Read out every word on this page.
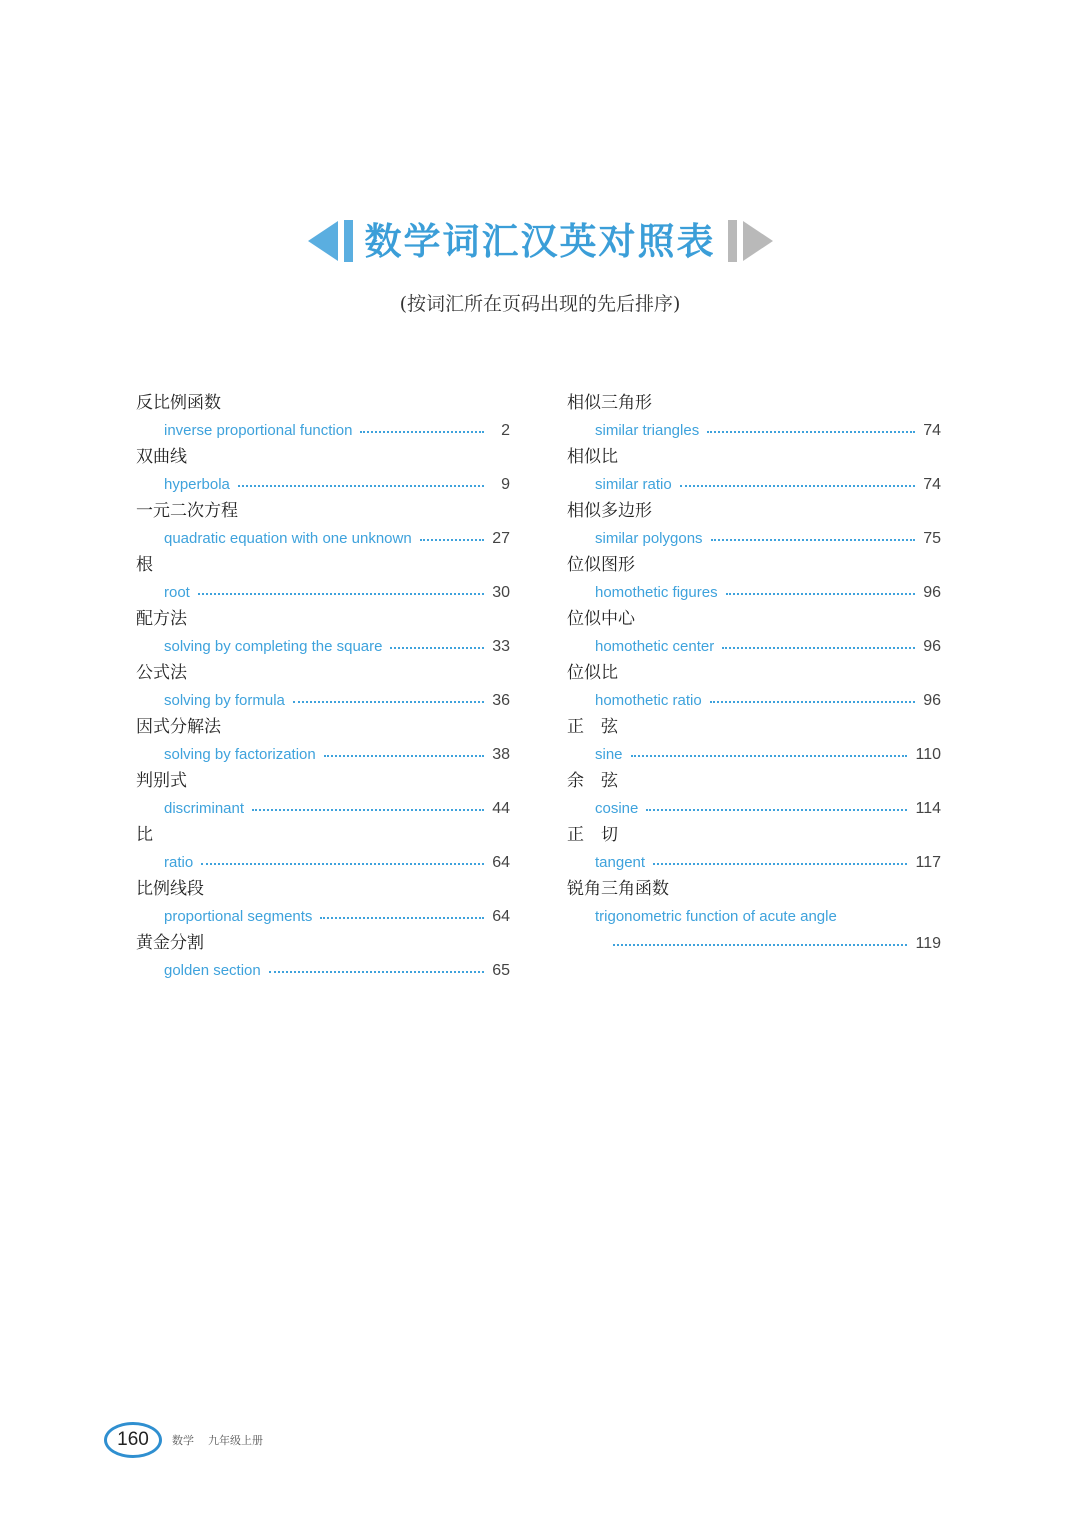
数学词汇汉英对照表
(按词汇所在页码出现的先后排序)
反比例函数
inverse proportional function	2
双曲线
hyperbola	9
一元二次方程
quadratic equation with one unknown	27
根
root	30
配方法
solving by completing the square	33
公式法
solving by formula	36
因式分解法
solving by factorization	38
判别式
discriminant	44
比
ratio	64
比例线段
proportional segments	64
黄金分割
golden section	65
相似三角形
similar triangles	74
相似比
similar ratio	74
相似多边形
similar polygons	75
位似图形
homothetic figures	96
位似中心
homothetic center	96
位似比
homothetic ratio	96
正　弦
sine	110
余　弦
cosine	114
正　切
tangent	117
锐角三角函数
trigonometric function of acute angle
119
160 数学 九年级上册
